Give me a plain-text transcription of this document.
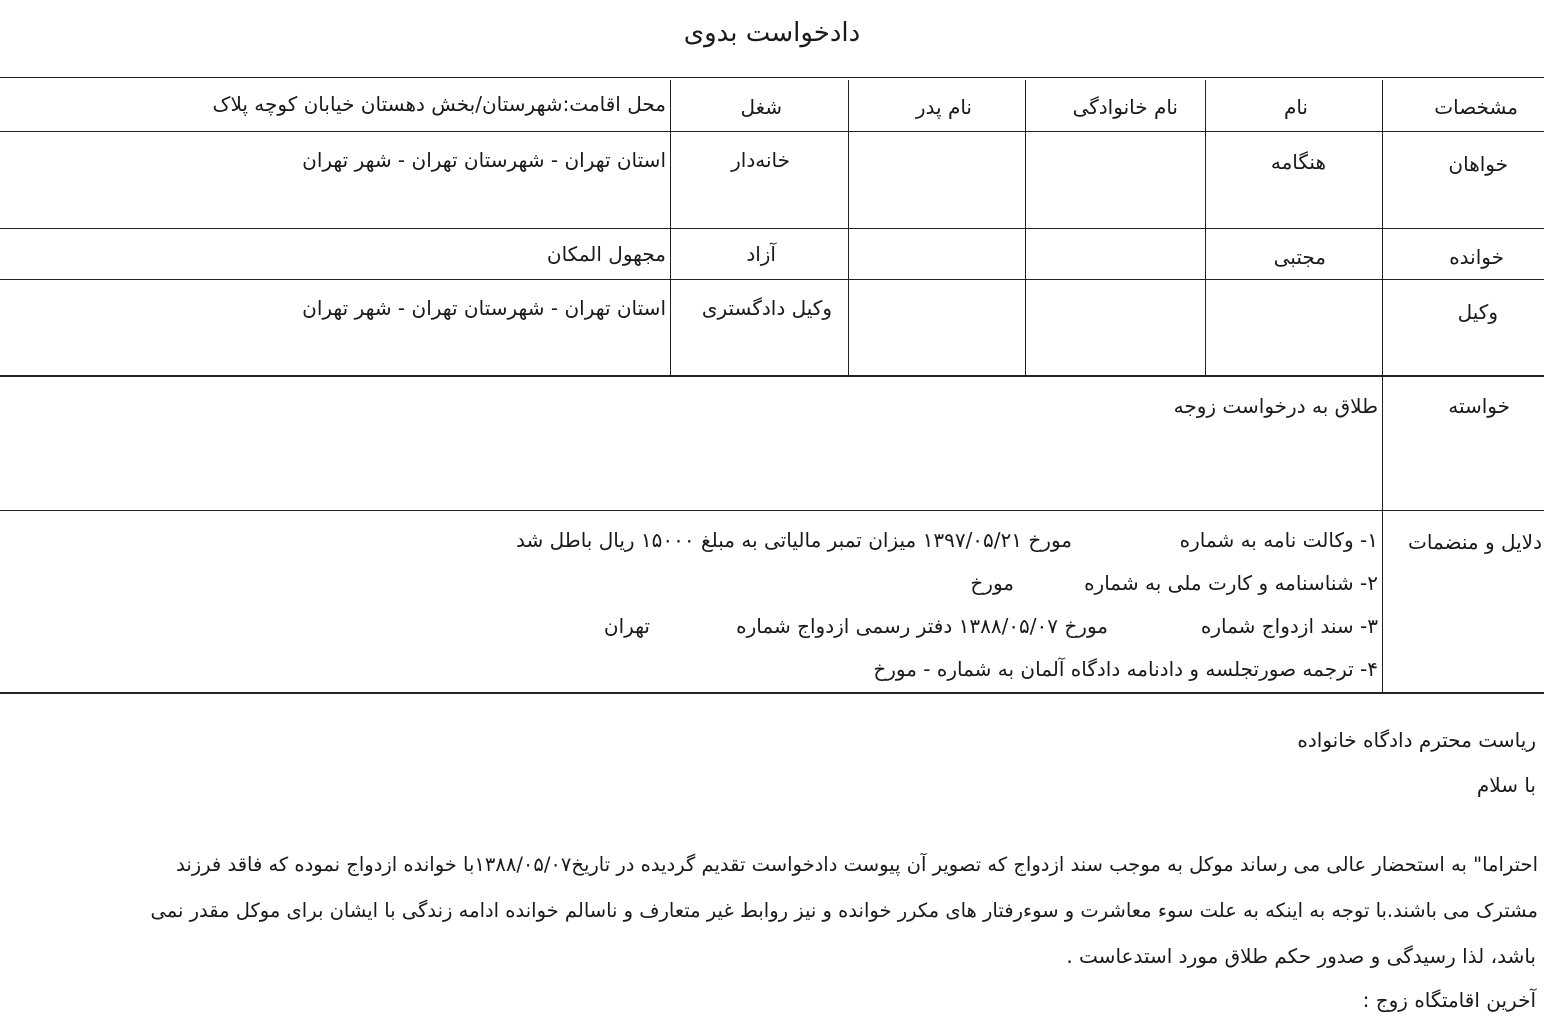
دادخواست بدوی
مشخصات
نام
نام خانوادگی
نام پدر
شغل
محل اقامت:شهرستان/بخش دهستان خیابان کوچه پلاک
خواهان
هنگامه
خانه‌دار
استان تهران - شهرستان تهران - شهر تهران
خوانده
مجتبی
آزاد
مجهول المکان
وکیل
وکیل دادگستری
استان تهران - شهرستان تهران - شهر تهران
خواسته
طلاق به درخواست زوجه
دلایل و منضمات
۱- وکالت نامه به شماره
مورخ ۱۳۹۷/۰۵/۲۱ میزان تمبر مالیاتی به مبلغ ۱۵۰۰۰ ریال باطل شد
۲- شناسنامه و کارت ملی به شماره
مورخ
۳- سند ازدواج شماره
مورخ ۱۳۸۸/۰۵/۰۷ دفتر رسمی ازدواج شماره
تهران
۴- ترجمه صورتجلسه و دادنامه دادگاه آلمان به شماره - مورخ
ریاست محترم دادگاه خانواده
با سلام
احتراما" به استحضار عالی می رساند موکل به موجب سند ازدواج که تصویر آن پیوست دادخواست تقدیم گردیده در تاریخ۱۳۸۸/۰۵/۰۷با خوانده ازدواج نموده که فاقد فرزند
مشترک می باشند.با توجه به اینکه به علت سوء معاشرت و سوءرفتار های مکرر خوانده و نیز روابط غیر متعارف و ناسالم خوانده ادامه زندگی با ایشان برای موکل مقدر نمی
باشد، لذا رسیدگی و صدور حکم طلاق مورد استدعاست .
آخرین اقامتگاه زوج :
